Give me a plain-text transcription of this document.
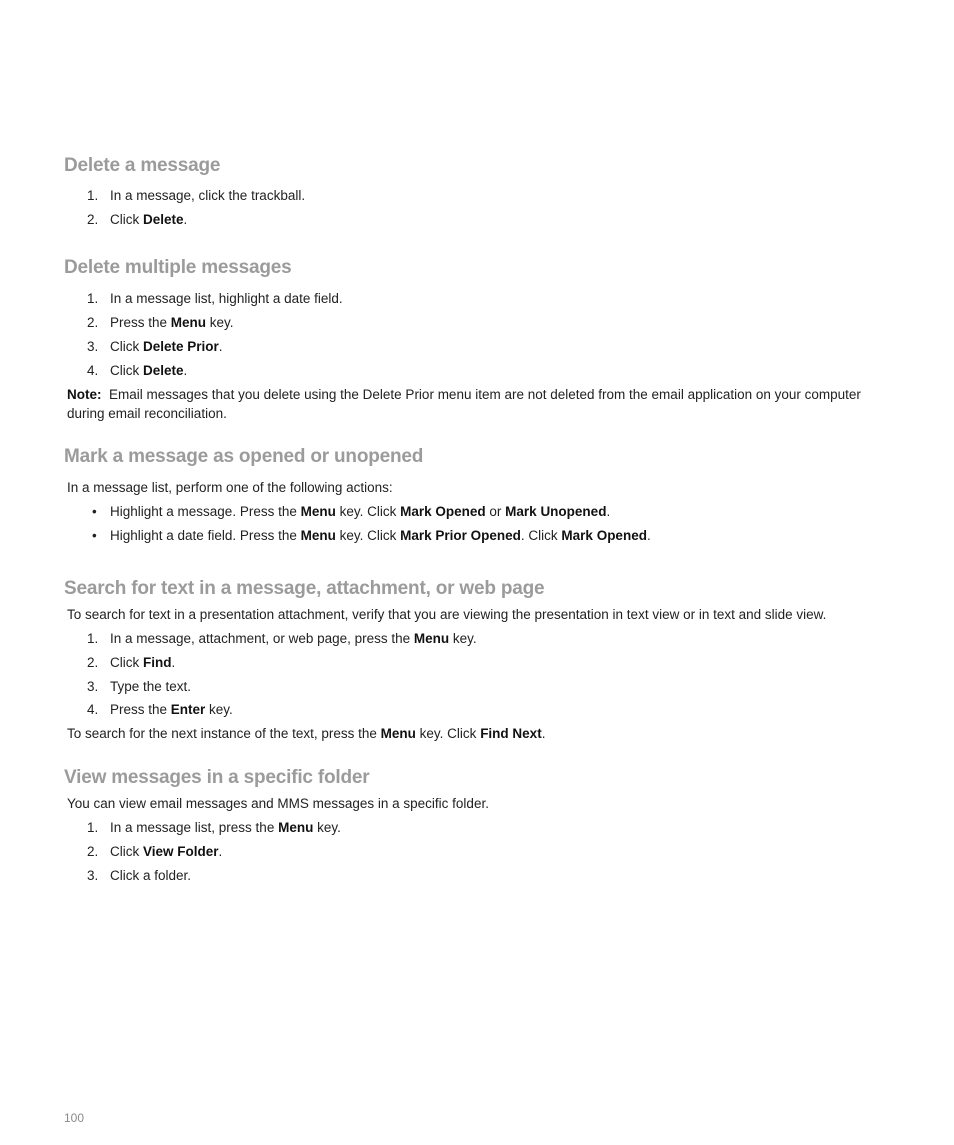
Delete a message
1. In a message, click the trackball.
2. Click Delete.
Delete multiple messages
1. In a message list, highlight a date field.
2. Press the Menu key.
3. Click Delete Prior.
4. Click Delete.
Note: Email messages that you delete using the Delete Prior menu item are not deleted from the email application on your computer
during email reconciliation.
Mark a message as opened or unopened
In a message list, perform one of the following actions:
• Highlight a message. Press the Menu key. Click Mark Opened or Mark Unopened.
• Highlight a date field. Press the Menu key. Click Mark Prior Opened. Click Mark Opened.
Search for text in a message, attachment, or web page
To search for text in a presentation attachment, verify that you are viewing the presentation in text view or in text and slide view.
1. In a message, attachment, or web page, press the Menu key.
2. Click Find.
3. Type the text.
4. Press the Enter key.
To search for the next instance of the text, press the Menu key. Click Find Next.
View messages in a specific folder
You can view email messages and MMS messages in a specific folder.
1. In a message list, press the Menu key.
2. Click View Folder.
3. Click a folder.
100
